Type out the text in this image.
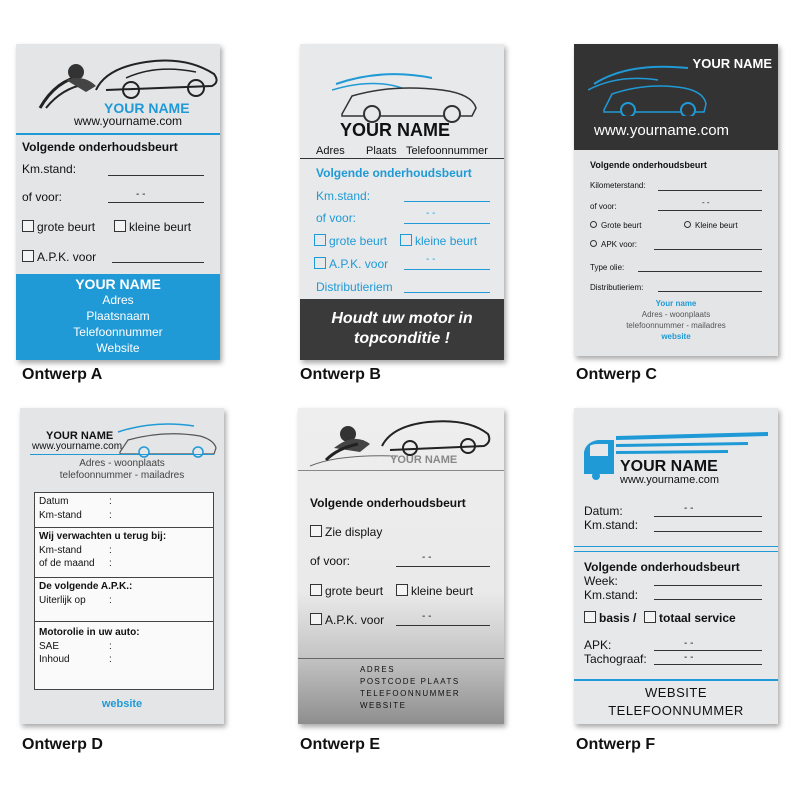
YOUR NAME
www.yourname.com
Volgende onderhoudsbeurt
Km.stand:
of voor:	- -
grote beurt	kleine beurt
A.P.K. voor
YOUR NAME
Adres
Plaatsnaam
Telefoonnummer
Website
Ontwerp A
YOUR NAME
Adres Plaats Telefoonnummer
Volgende onderhoudsbeurt
Km.stand:
of voor:	- -
grote beurt	kleine beurt
A.P.K. voor	- -
Distributieriem
Houdt uw motor in
topconditie !
Ontwerp B
YOUR NAME
www.yourname.com
Volgende onderhoudsbeurt
Kilometerstand:
of voor:	- -
Grote beurt	Kleine beurt
APK voor:
Type olie:
Distributieriem:
Your name
Adres - woonplaats
telefoonnummer - mailadres
website
Ontwerp C
YOUR NAME
www.yourname.com
Adres - woonplaats
telefoonnummer - mailadres
Datum	:
Km-stand	:
Wij verwachten u terug bij:
Km-stand	:
of de maand :
De volgende A.P.K.:
Uiterlijk op :
Motorolie in uw auto:
SAE	:
Inhoud	:
website
Ontwerp D
YOUR NAME
Volgende onderhoudsbeurt
Zie display
of voor:	- -
grote beurt	kleine beurt
A.P.K. voor	- -
ADRES
POSTCODE PLAATS
TELEFOONNUMMER
WEBSITE
Ontwerp E
YOUR NAME
www.yourname.com
Datum:	- -
Km.stand:
Volgende onderhoudsbeurt
Week:
Km.stand:
basis /	totaal service
APK:	- -
Tachograaf:	- -
WEBSITE
TELEFOONNUMMER
Ontwerp F
